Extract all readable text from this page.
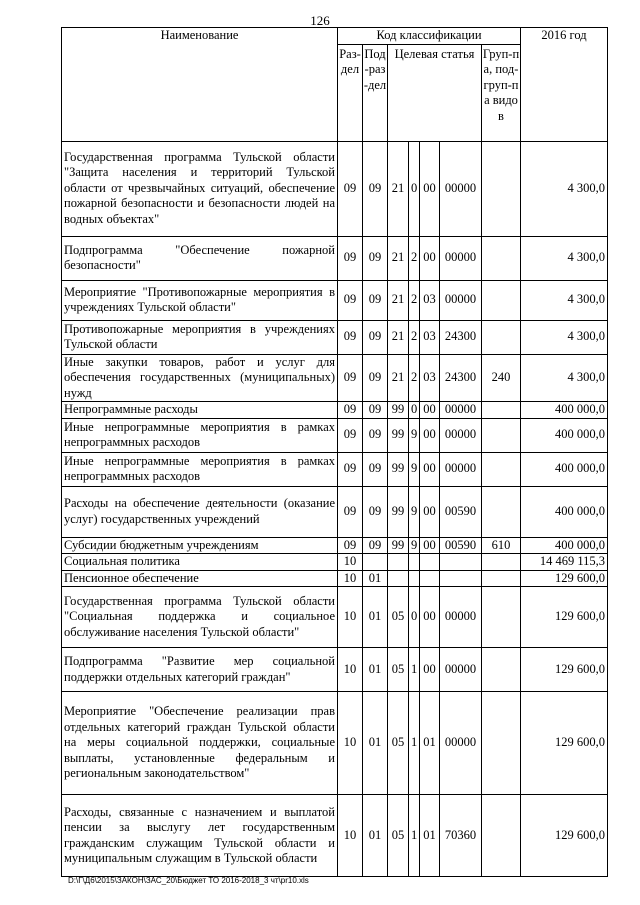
126
Наименование	Код классификации							2016 год
	Раз-дел	Под-раз-дел	Целевая статья				Груп-па, под-груп-па видов	
Государственная программа Тульской области "Защита населения и территорий Тульской области от чрезвычайных ситуаций, обеспечение пожарной безопасности и безопасности людей на водных объектах"	09	09	21	0	00	00000		4 300,0
Подпрограмма "Обеспечение пожарной безопасности"	09	09	21	2	00	00000		4 300,0
Мероприятие "Противопожарные мероприятия в учреждениях Тульской области"	09	09	21	2	03	00000		4 300,0
Противопожарные мероприятия в учреждениях Тульской области	09	09	21	2	03	24300		4 300,0
Иные закупки товаров, работ и услуг для обеспечения государственных (муниципальных) нужд	09	09	21	2	03	24300	240	4 300,0
Непрограммные расходы	09	09	99	0	00	00000		400 000,0
Иные непрограммные мероприятия в рамках непрограммных расходов	09	09	99	9	00	00000		400 000,0
Иные непрограммные мероприятия в рамках непрограммных расходов	09	09	99	9	00	00000		400 000,0
Расходы на обеспечение деятельности (оказание услуг) государственных учреждений	09	09	99	9	00	00590		400 000,0
Субсидии бюджетным учреждениям	09	09	99	9	00	00590	610	400 000,0
Социальная политика	10							14 469 115,3
Пенсионное обеспечение	10	01						129 600,0
Государственная программа Тульской области "Социальная поддержка и социальное обслуживание населения Тульской области"	10	01	05	0	00	00000		129 600,0
Подпрограмма "Развитие мер социальной поддержки отдельных категорий граждан"	10	01	05	1	00	00000		129 600,0
Мероприятие "Обеспечение реализации прав отдельных категорий граждан Тульской области на меры социальной поддержки, социальные выплаты, установленные федеральным и региональным законодательством"	10	01	05	1	01	00000		129 600,0
Расходы, связанные с назначением и выплатой пенсии за выслугу лет государственным гражданским служащим Тульской области и муниципальным служащим в Тульской области	10	01	05	1	01	70360		129 600,0
D:\Г\Д6\2015\ЗАКОН\ЗАС_20\Бюджет ТО 2016-2018_3 чт\pr10.xls
